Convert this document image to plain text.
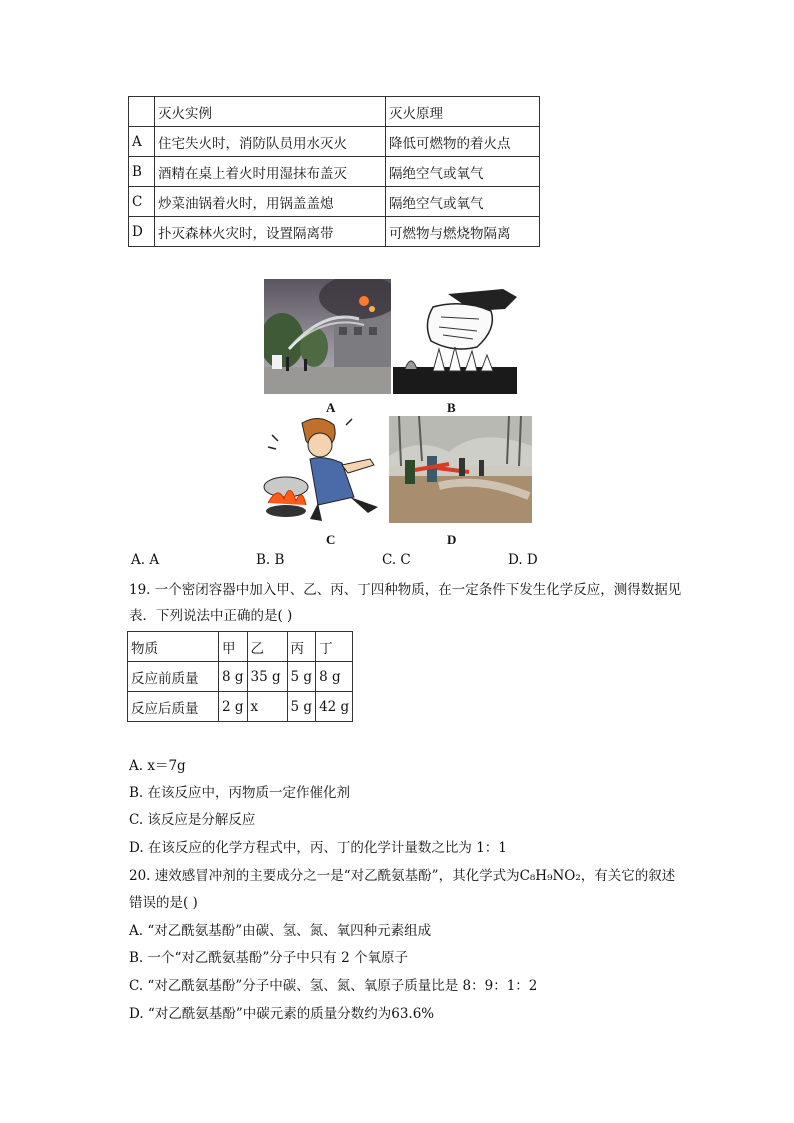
	灭火实例	灭火原理
A	住宅失火时，消防队员用水灭火	降低可燃物的着火点
B	酒精在桌上着火时用湿抹布盖灭	隔绝空气或氧气
C	炒菜油锅着火时，用锅盖盖熄	隔绝空气或氧气
D	扑灭森林火灾时，设置隔离带	可燃物与燃烧物隔离
A	B
C	D
A. A	B. B	C. C	D. D
19. 一个密闭容器中加入甲、乙、丙、丁四种物质，在一定条件下发生化学反应，测得数据见
表．下列说法中正确的是( )
物质	甲	乙	丙	丁
反应前质量	8 g	35 g	5 g	8 g
反应后质量	2 g	x	5 g	42 g
A. x＝7g
B. 在该反应中，丙物质一定作催化剂
C. 该反应是分解反应
D. 在该反应的化学方程式中，丙、丁的化学计量数之比为 1：1
20. 速效感冒冲剂的主要成分之一是“对乙酰氨基酚”，其化学式为C₈H₉NO₂，有关它的叙述
错误的是( )
A. “对乙酰氨基酚”由碳、氢、氮、氧四种元素组成
B. 一个“对乙酰氨基酚”分子中只有 2 个氧原子
C. “对乙酰氨基酚”分子中碳、氢、氮、氧原子质量比是 8：9：1：2
D. “对乙酰氨基酚”中碳元素的质量分数约为63.6%
